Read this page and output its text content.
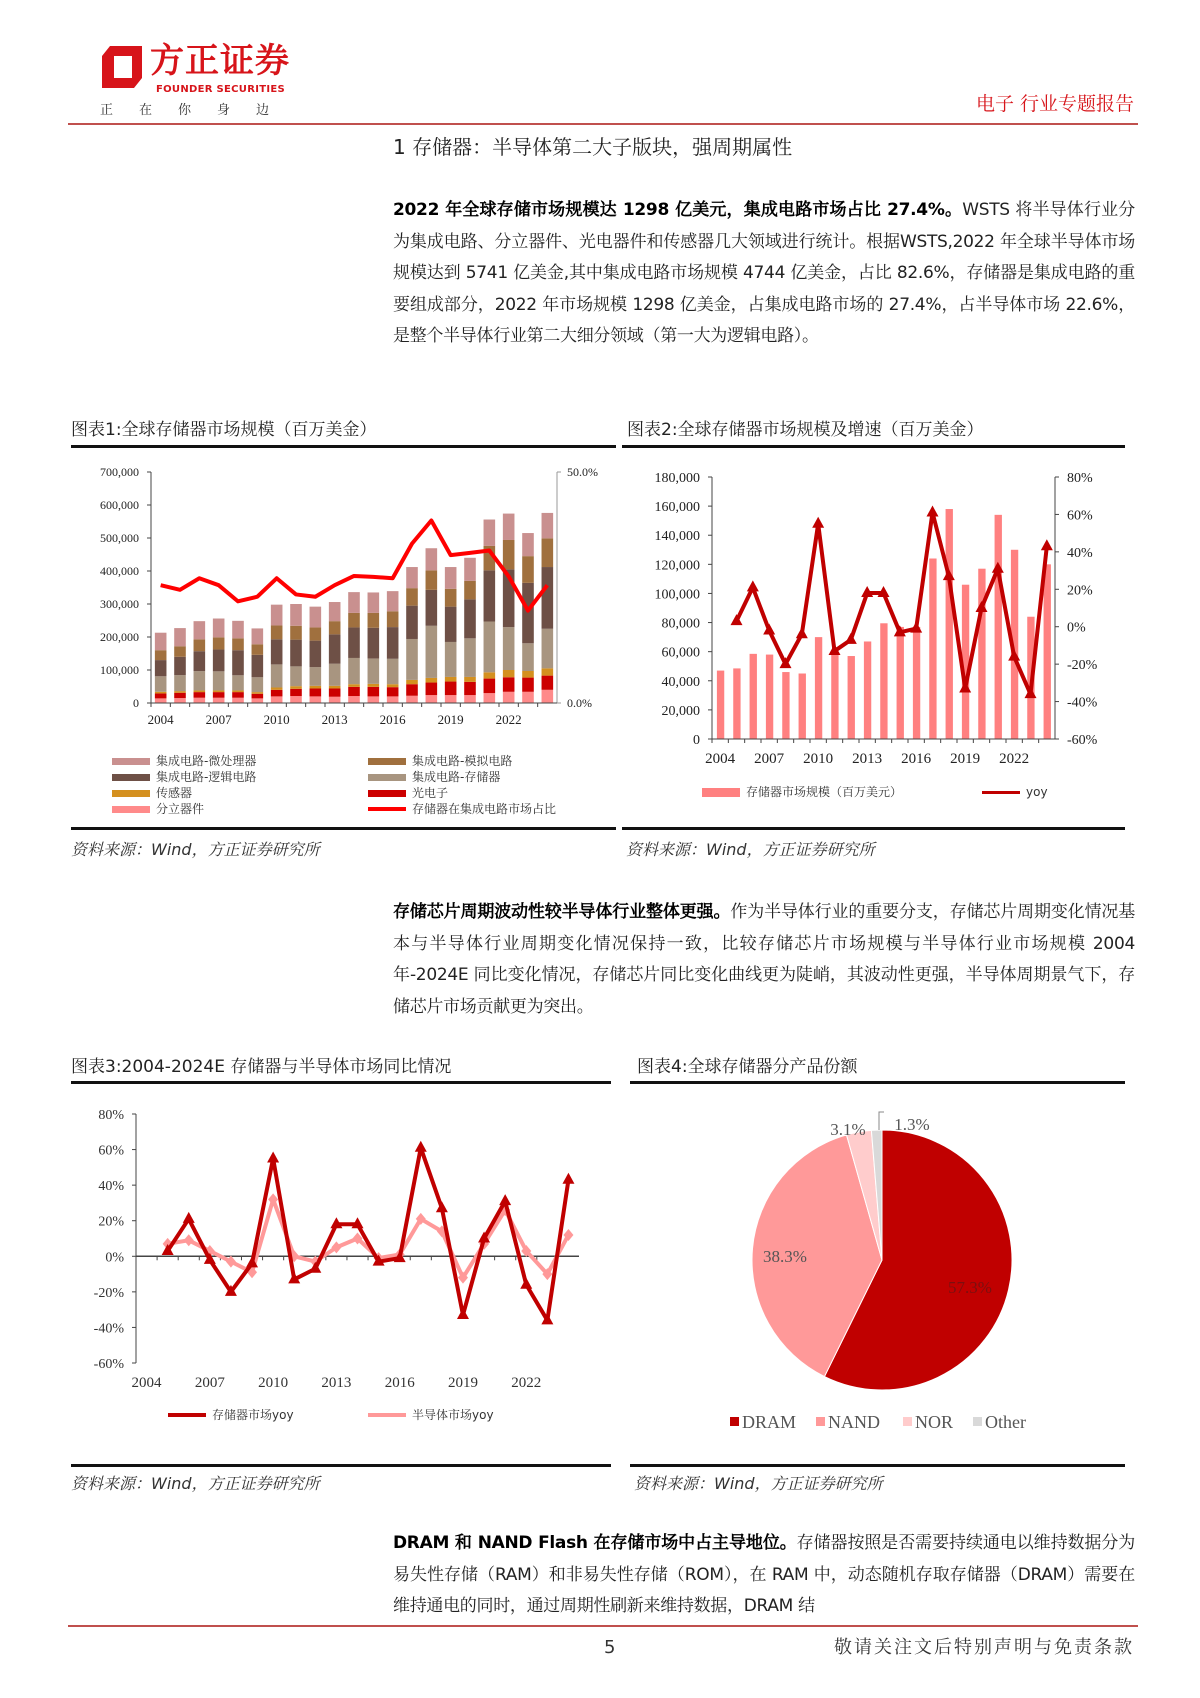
方正证券
FOUNDER SECURITIES
正在你身边	电子 行业专题报告
1 存储器：半导体第二大子版块，强周期属性
2022 年全球存储市场规模达 1298 亿美元，集成电路市场占比 27.4%。WSTS 将半导体行业分为集成电路、分立器件、光电器件和传感器几大领域进行统计。根据WSTS,2022 年全球半导体市场规模达到 5741 亿美金,其中集成电路市场规模 4744 亿美金，占比 82.6%，存储器是集成电路的重要组成部分，2022 年市场规模 1298 亿美金，占集成电路市场的 27.4%，占半导体市场 22.6%，是整个半导体行业第二大细分领域（第一大为逻辑电路）。
图表1:全球存储器市场规模（百万美金）
0
100,000
200,000
300,000
400,000
500,000
600,000
700,000
0.0%
50.0%
2004 2007 2010 2013 2016 2019 2022
集成电路-微处理器	集成电路-模拟电路
集成电路-逻辑电路	集成电路-存储器
传感器	光电子
分立器件	存储器在集成电路市场占比
资料来源：Wind，方正证券研究所
图表2:全球存储器市场规模及增速（百万美金）
0
20,000
40,000
60,000
80,000
100,000
120,000
140,000
160,000
180,000
-60%
-40%
-20%
0%
20%
40%
60%
80%
2004 2007 2010 2013 2016 2019 2022
存储器市场规模（百万美元）	yoy
资料来源：Wind，方正证券研究所
存储芯片周期波动性较半导体行业整体更强。作为半导体行业的重要分支，存储芯片周期变化情况基本与半导体行业周期变化情况保持一致，比较存储芯片市场规模与半导体行业市场规模 2004 年-2024E 同比变化情况，存储芯片同比变化曲线更为陡峭，其波动性更强，半导体周期景气下，存储芯片市场贡献更为突出。
图表3:2004-2024E 存储器与半导体市场同比情况
-60%
-40%
-20%
0%
20%
40%
60%
80%
2004 2007 2010 2013 2016 2019 2022
存储器市场yoy	半导体市场yoy
资料来源：Wind，方正证券研究所
图表4:全球存储器分产品份额
57.3%
38.3%
3.1% 1.3%
DRAM NAND NOR Other
资料来源：Wind，方正证券研究所
DRAM 和 NAND Flash 在存储市场中占主导地位。存储器按照是否需要持续通电以维持数据分为易失性存储（RAM）和非易失性存储（ROM），在 RAM 中，动态随机存取存储器（DRAM）需要在维持通电的同时，通过周期性刷新来维持数据，DRAM 结
5	敬请关注文后特别声明与免责条款
